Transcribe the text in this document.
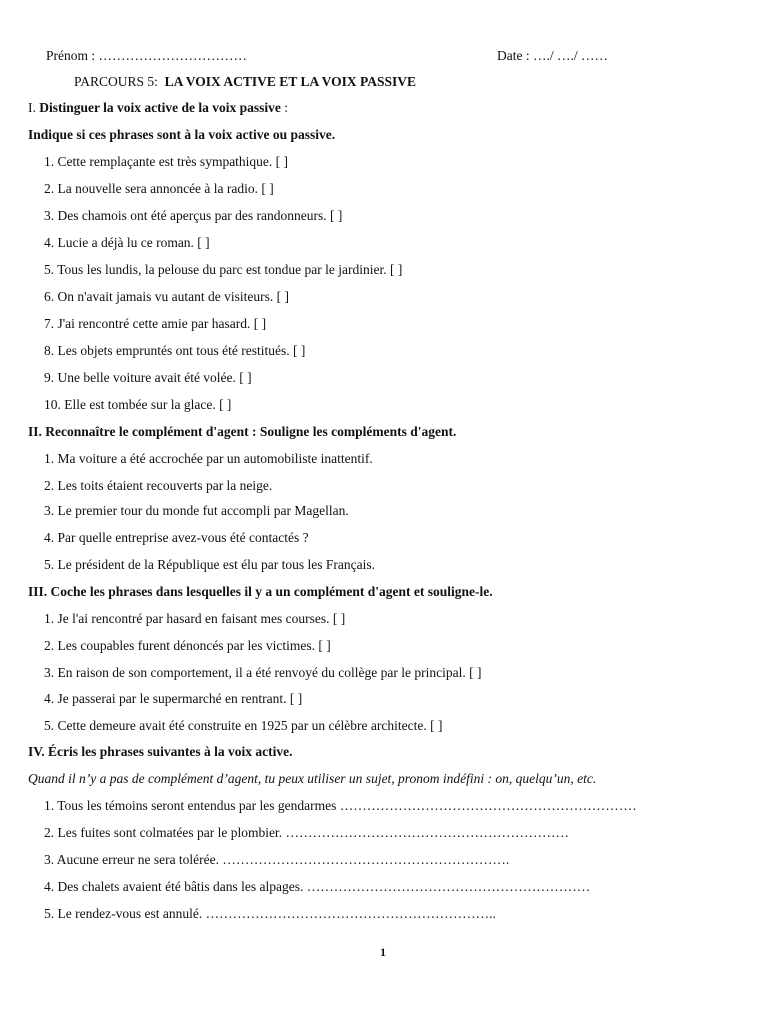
Prénom : ……………………………	Date : …./ …./ ……
PARCOURS 5: LA VOIX ACTIVE ET LA VOIX PASSIVE
I. Distinguer la voix active de la voix passive :
Indique si ces phrases sont à la voix active ou passive.
1. Cette remplaçante est très sympathique. [ ]
2. La nouvelle sera annoncée à la radio. [ ]
3. Des chamois ont été aperçus par des randonneurs. [ ]
4. Lucie a déjà lu ce roman. [ ]
5. Tous les lundis, la pelouse du parc est tondue par le jardinier. [ ]
6. On n'avait jamais vu autant de visiteurs. [ ]
7. J'ai rencontré cette amie par hasard. [ ]
8. Les objets empruntés ont tous été restitués. [ ]
9. Une belle voiture avait été volée. [ ]
10. Elle est tombée sur la glace. [ ]
II. Reconnaître le complément d'agent : Souligne les compléments d'agent.
1. Ma voiture a été accrochée par un automobiliste inattentif.
2. Les toits étaient recouverts par la neige.
3. Le premier tour du monde fut accompli par Magellan.
4. Par quelle entreprise avez-vous été contactés ?
5. Le président de la République est élu par tous les Français.
III. Coche les phrases dans lesquelles il y a un complément d'agent et souligne-le.
1. Je l'ai rencontré par hasard en faisant mes courses. [ ]
2. Les coupables furent dénoncés par les victimes. [ ]
3. En raison de son comportement, il a été renvoyé du collège par le principal. [ ]
4. Je passerai par le supermarché en rentrant. [ ]
5. Cette demeure avait été construite en 1925 par un célèbre architecte. [ ]
IV. Écris les phrases suivantes à la voix active.
Quand il n’y a pas de complément d’agent, tu peux utiliser un sujet, pronom indéfini : on, quelqu’un, etc.
1. Tous les témoins seront entendus par les gendarmes …………………………………………………………
2. Les fuites sont colmatées par le plombier. ………………………………………………………
3. Aucune erreur ne sera tolérée. ……………………………………………………….
4. Des chalets avaient été bâtis dans les alpages. ………………………………………………………
5. Le rendez-vous est annulé. ………………………………………………………..
1
